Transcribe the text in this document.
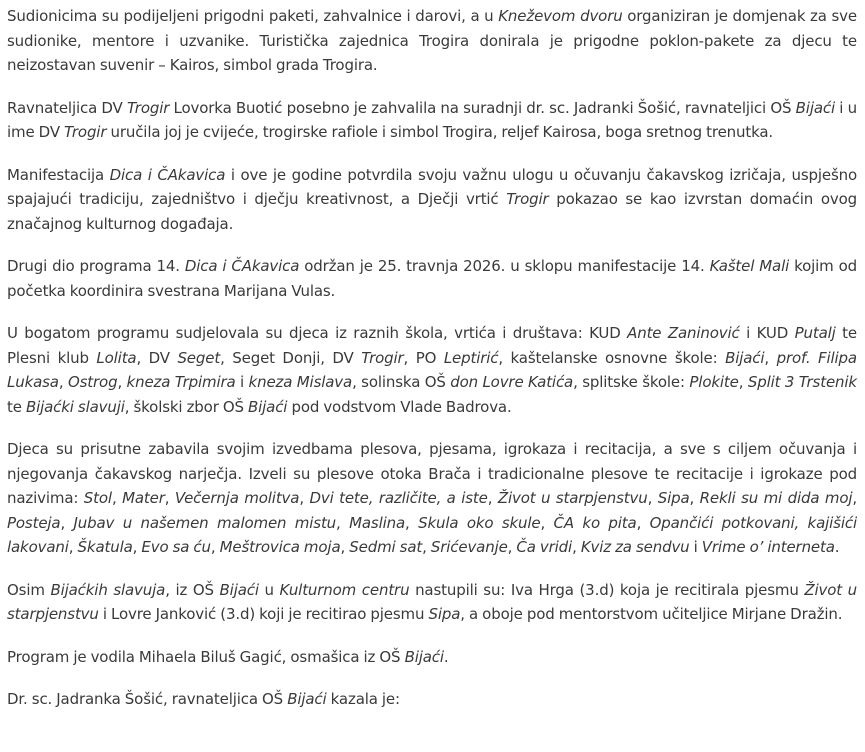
Sudionicima su podijeljeni prigodni paketi, zahvalnice i darovi, a u Kneževom dvoru organiziran je domjenak za sve sudionike, mentore i uzvanike. Turistička zajednica Trogira donirala je prigodne poklon-pakete za djecu te neizostavan suvenir – Kairos, simbol grada Trogira.

Ravnateljica DV Trogir Lovorka Buotić posebno je zahvalila na suradnji dr. sc. Jadranki Šošić, ravnateljici OŠ Bijaći i u ime DV Trogir uručila joj je cvijeće, trogirske rafiole i simbol Trogira, reljef Kairosa, boga sretnog trenutka.

Manifestacija Dica i ČAkavica i ove je godine potvrdila svoju važnu ulogu u očuvanju čakavskog izričaja, uspješno spajajući tradiciju, zajedništvo i dječju kreativnost, a Dječji vrtić Trogir pokazao se kao izvrstan domaćin ovog značajnog kulturnog događaja.

Drugi dio programa 14. Dica i ČAkavica održan je 25. travnja 2026. u sklopu manifestacije 14. Kaštel Mali kojim od početka koordinira svestrana Marijana Vulas.

U bogatom programu sudjelovala su djeca iz raznih škola, vrtića i društava: KUD Ante Zaninović i KUD Putalj te Plesni klub Lolita, DV Seget, Seget Donji, DV Trogir, PO Leptirić, kaštelanske osnovne škole: Bijaći, prof. Filipa Lukasa, Ostrog, kneza Trpimira i kneza Mislava, solinska OŠ don Lovre Katića, splitske škole: Plokite, Split 3 Trstenik te Bijaćki slavuji, školski zbor OŠ Bijaći pod vodstvom Vlade Badrova.

Djeca su prisutne zabavila svojim izvedbama plesova, pjesama, igrokaza i recitacija, a sve s ciljem očuvanja i njegovanja čakavskog narječja. Izveli su plesove otoka Brača i tradicionalne plesove te recitacije i igrokaze pod nazivima: Stol, Mater, Večernja molitva, Dvi tete, različite, a iste, Život u starpjenstvu, Sipa, Rekli su mi dida moj, Posteja, Jubav u našemen malomen mistu, Maslina, Skula oko skule, ČA ko pita, Opančići potkovani, kajišići lakovani, Škatula, Evo sa ću, Meštrovica moja, Sedmi sat, Srićevanje, Ča vridi, Kviz za sendvu i Vrime o’ interneta.

Osim Bijaćkih slavuja, iz OŠ Bijaći u Kulturnom centru nastupili su: Iva Hrga (3.d) koja je recitirala pjesmu Život u starpjenstvu i Lovre Janković (3.d) koji je recitirao pjesmu Sipa, a oboje pod mentorstvom učiteljice Mirjane Dražin.

Program je vodila Mihaela Biluš Gagić, osmašica iz OŠ Bijaći.

Dr. sc. Jadranka Šošić, ravnateljica OŠ Bijaći kazala je:
